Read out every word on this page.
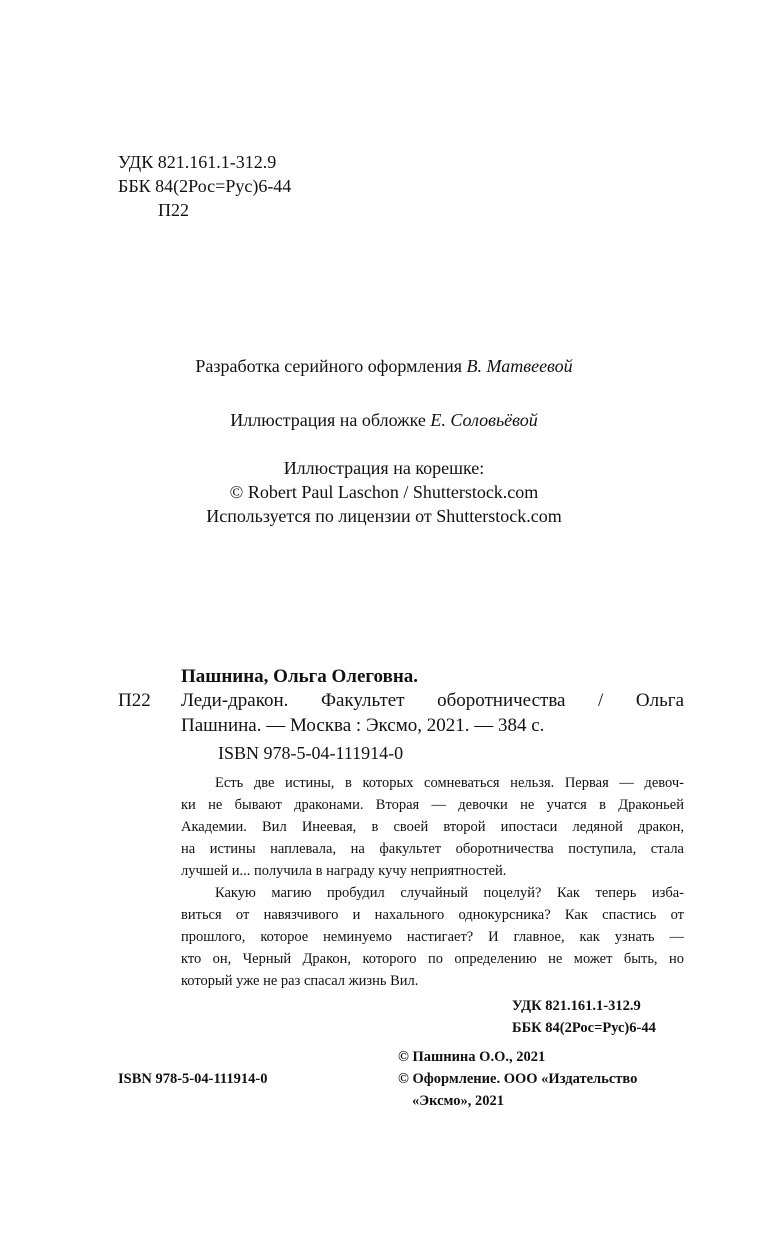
УДК 821.161.1-312.9
ББК 84(2Рос=Рус)6-44
П22
Разработка серийного оформления В. Матвеевой
Иллюстрация на обложке Е. Соловьёвой
Иллюстрация на корешке:
© Robert Paul Laschon / Shutterstock.com
Используется по лицензии от Shutterstock.com
Пашнина, Ольга Олеговна.
П22 Леди-дракон. Факультет оборотничества / Ольга
Пашнина. — Москва : Эксмо, 2021. — 384 с.
ISBN 978-5-04-111914-0
Есть две истины, в которых сомневаться нельзя. Первая — девоч-
ки не бывают драконами. Вторая — девочки не учатся в Драконьей
Академии. Вил Инеевая, в своей второй ипостаси ледяной дракон,
на истины наплевала, на факультет оборотничества поступила, стала
лучшей и... получила в награду кучу неприятностей.
Какую магию пробудил случайный поцелуй? Как теперь изба-
виться от навязчивого и нахального однокурсника? Как спастись от
прошлого, которое неминуемо настигает? И главное, как узнать —
кто он, Черный Дракон, которого по определению не может быть, но
который уже не раз спасал жизнь Вил.
УДК 821.161.1-312.9
ББК 84(2Рос=Рус)6-44
© Пашнина О.О., 2021
© Оформление. ООО «Издательство
«Эксмо», 2021
ISBN 978-5-04-111914-0
